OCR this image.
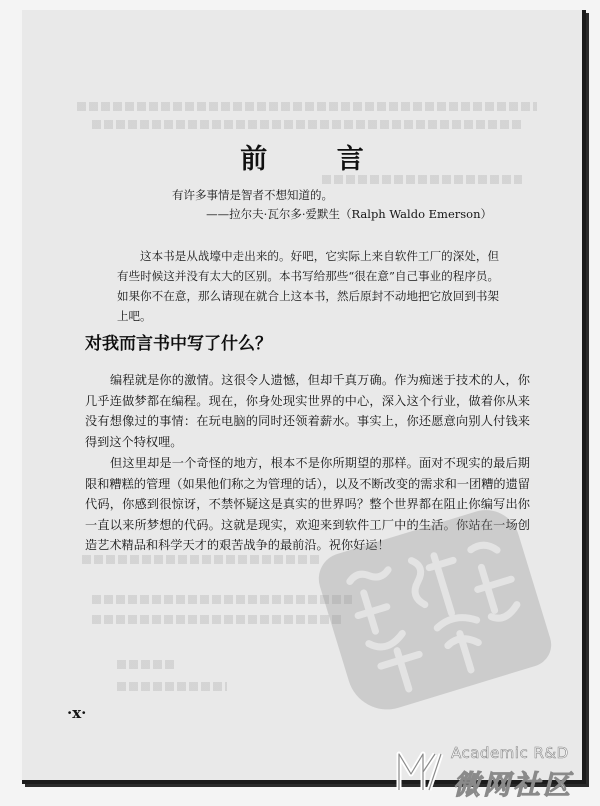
前 言
有许多事情是智者不想知道的。
——拉尔夫·瓦尔多·爱默生（Ralph Waldo Emerson）
这本书是从战壕中走出来的。好吧，它实际上来自软件工厂的深处，但有些时候这并没有太大的区别。本书写给那些“很在意”自己事业的程序员。如果你不在意，那么请现在就合上这本书，然后原封不动地把它放回到书架上吧。
对我而言书中写了什么？
编程就是你的激情。这很令人遗憾，但却千真万确。作为痴迷于技术的人，你几乎连做梦都在编程。现在，你身处现实世界的中心，深入这个行业，做着你从来没有想像过的事情：在玩电脑的同时还领着薪水。事实上，你还愿意向别人付钱来得到这个特权哩。
但这里却是一个奇怪的地方，根本不是你所期望的那样。面对不现实的最后期限和糟糕的管理（如果他们称之为管理的话），以及不断改变的需求和一团糟的遗留代码，你感到很惊讶，不禁怀疑这是真实的世界吗？整个世界都在阻止你编写出你一直以来所梦想的代码。这就是现实，欢迎来到软件工厂中的生活。你站在一场创造艺术精品和科学天才的艰苦战争的最前沿。祝你好运！
·x·
Academic R&D
微网社区
